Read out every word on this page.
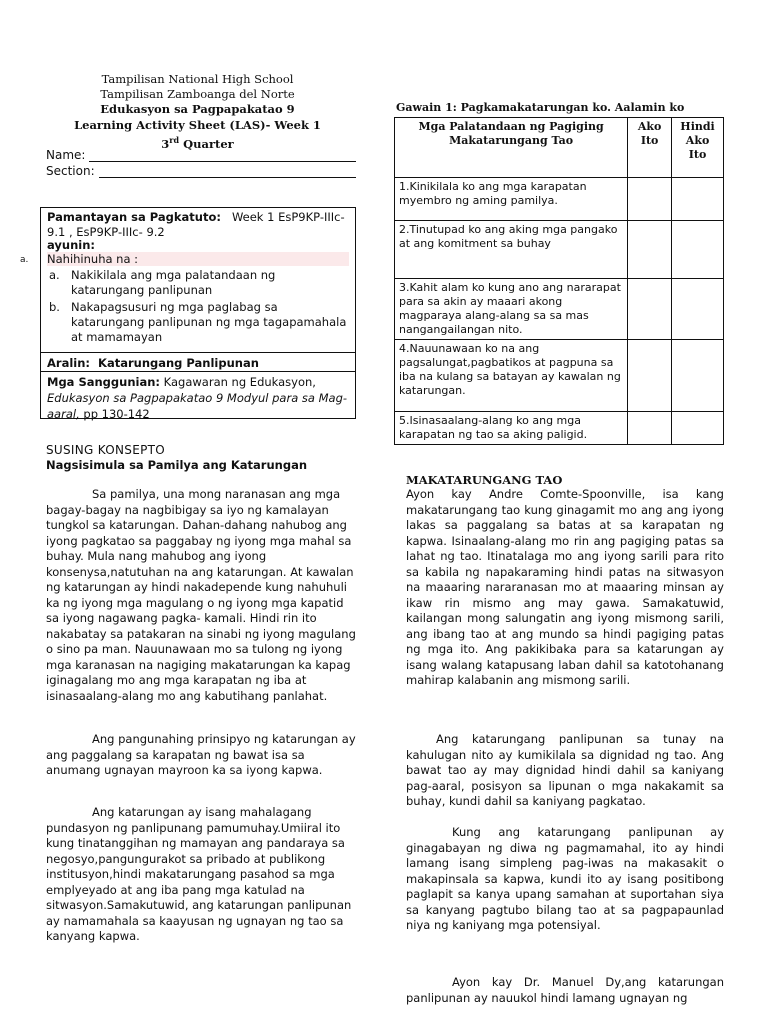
Tampilisan National High School
Tampilisan Zamboanga del Norte
Edukasyon sa Pagpapakatao 9
Learning Activity Sheet (LAS)- Week 1
3rd Quarter
Name:
Section:
a.
Pamantayan sa Pagkatuto: Week 1 EsP9KP-IIIc-9.1 , EsP9KP-IIIc- 9.2
ayunin:
Nahihinuha na :
a. Nakikilala ang mga palatandaan ng katarungang panlipunan
b. Nakapagsusuri ng mga paglabag sa katarungang panlipunan ng mga tagapamahala at mamamayan
Aralin: Katarungang Panlipunan
Mga Sanggunian: Kagawaran ng Edukasyon, Edukasyon sa Pagpapakatao 9 Modyul para sa Mag-aaral, pp 130-142
SUSING KONSEPTO
Nagsisimula sa Pamilya ang Katarungan

Sa pamilya, una mong naranasan ang mga bagay-bagay na nagbibigay sa iyo ng kamalayan tungkol sa katarungan. Dahan-dahang nahubog ang iyong pagkatao sa paggabay ng iyong mga mahal sa buhay. Mula nang mahubog ang iyong konsenysa,natutuhan na ang katarungan. At kawalan ng katarungan ay hindi nakadepende kung nahuhuli ka ng iyong mga magulang o ng iyong mga kapatid sa iyong nagawang pagka- kamali. Hindi rin ito nakabatay sa patakaran na sinabi ng iyong magulang o sino pa man. Nauunawaan mo sa tulong ng iyong mga karanasan na nagiging makatarungan ka kapag iginagalang mo ang mga karapatan ng iba at isinasaalang-alang mo ang kabutihang panlahat.

Ang pangunahing prinsipyo ng katarungan ay ang paggalang sa karapatan ng bawat isa sa anumang ugnayan mayroon ka sa iyong kapwa.

Ang katarungan ay isang mahalagang pundasyon ng panlipunang pamumuhay.Umiiral ito kung tinatanggihan ng mamayan ang pandaraya sa negosyo,pangungurakot sa pribado at publikong institusyon,hindi makatarungang pasahod sa mga emplyeyado at ang iba pang mga katulad na sitwasyon.Samakutuwid, ang katarungan panlipunan ay namamahala sa kaayusan ng ugnayan ng tao sa kanyang kapwa.

Gawain 1: Pagkamakatarungan ko. Aalamin ko
Mga Palatandaan ng Pagiging Makatarungang Tao	Ako Ito	Hindi Ako Ito
1.Kinikilala ko ang mga karapatan myembro ng aming pamilya.		
2.Tinutupad ko ang aking mga pangako at ang komitment sa buhay		
3.Kahit alam ko kung ano ang nararapat para sa akin ay maaari akong magparaya alang-alang sa sa mas nangangailangan nito.		
4.Nauunawaan ko na ang pagsalungat,pagbatikos at pagpuna sa iba na kulang sa batayan ay kawalan ng katarungan.		
5.Isinasaalang-alang ko ang mga karapatan ng tao sa aking paligid.		
MAKATARUNGANG TAO

Ayon kay Andre Comte-Spoonville, isa kang makatarungang tao kung ginagamit mo ang ang iyong lakas sa paggalang sa batas at sa karapatan ng kapwa. Isinaalang-alang mo rin ang pagiging patas sa lahat ng tao. Itinatalaga mo ang iyong sarili para rito sa kabila ng napakaraming hindi patas na sitwasyon na maaaring nararanasan mo at maaaring minsan ay ikaw rin mismo ang may gawa. Samakatuwid, kailangan mong salungatin ang iyong mismong sarili, ang ibang tao at ang mundo sa hindi pagiging patas ng mga ito. Ang pakikibaka para sa katarungan ay isang walang katapusang laban dahil sa katotohanang mahirap kalabanin ang mismong sarili.

Ang katarungang panlipunan sa tunay na kahulugan nito ay kumikilala sa dignidad ng tao. Ang bawat tao ay may dignidad hindi dahil sa kaniyang pag-aaral, posisyon sa lipunan o mga nakakamit sa buhay, kundi dahil sa kaniyang pagkatao.

Kung ang katarungang panlipunan ay ginagabayan ng diwa ng pagmamahal, ito ay hindi lamang isang simpleng pag-iwas na makasakit o makapinsala sa kapwa, kundi ito ay isang positibong paglapit sa kanya upang samahan at suportahan siya sa kanyang pagtubo bilang tao at sa pagpapaunlad niya ng kaniyang mga potensiyal.

Ayon kay Dr. Manuel Dy,ang katarungan panlipunan ay nauukol hindi lamang ugnayan ng
